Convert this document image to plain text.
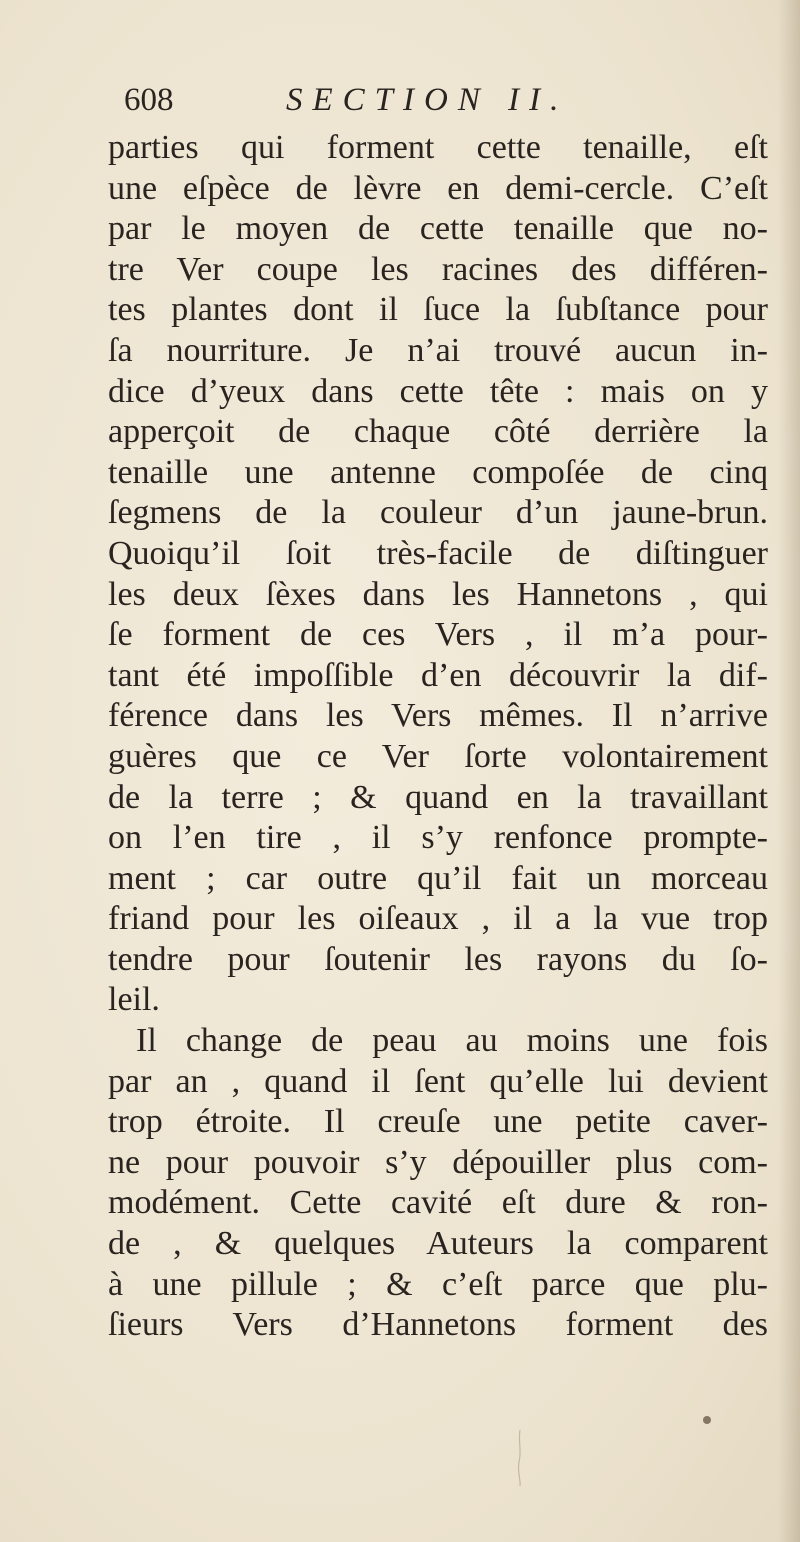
608	SECTION II.
parties qui forment cette tenaille, eſt
une eſpèce de lèvre en demi-cercle. C’eſt
par le moyen de cette tenaille que no-
tre Ver coupe les racines des différen-
tes plantes dont il ſuce la ſubſtance pour
ſa nourriture. Je n’ai trouvé aucun in-
dice d’yeux dans cette tête : mais on y
apperçoit de chaque côté derrière la
tenaille une antenne compoſée de cinq
ſegmens de la couleur d’un jaune-brun.
Quoiqu’il ſoit très-facile de diſtinguer
les deux ſèxes dans les Hannetons , qui
ſe forment de ces Vers , il m’a pour-
tant été impoſſible d’en découvrir la dif-
férence dans les Vers mêmes. Il n’arrive
guères que ce Ver ſorte volontairement
de la terre ; & quand en la travaillant
on l’en tire , il s’y renfonce prompte-
ment ; car outre qu’il fait un morceau
friand pour les oiſeaux , il a la vue trop
tendre pour ſoutenir les rayons du ſo-
leil.
Il change de peau au moins une fois
par an , quand il ſent qu’elle lui devient
trop étroite. Il creuſe une petite caver-
ne pour pouvoir s’y dépouiller plus com-
modément. Cette cavité eſt dure & ron-
de , & quelques Auteurs la comparent
à une pillule ; & c’eſt parce que plu-
ſieurs Vers d’Hannetons forment des
